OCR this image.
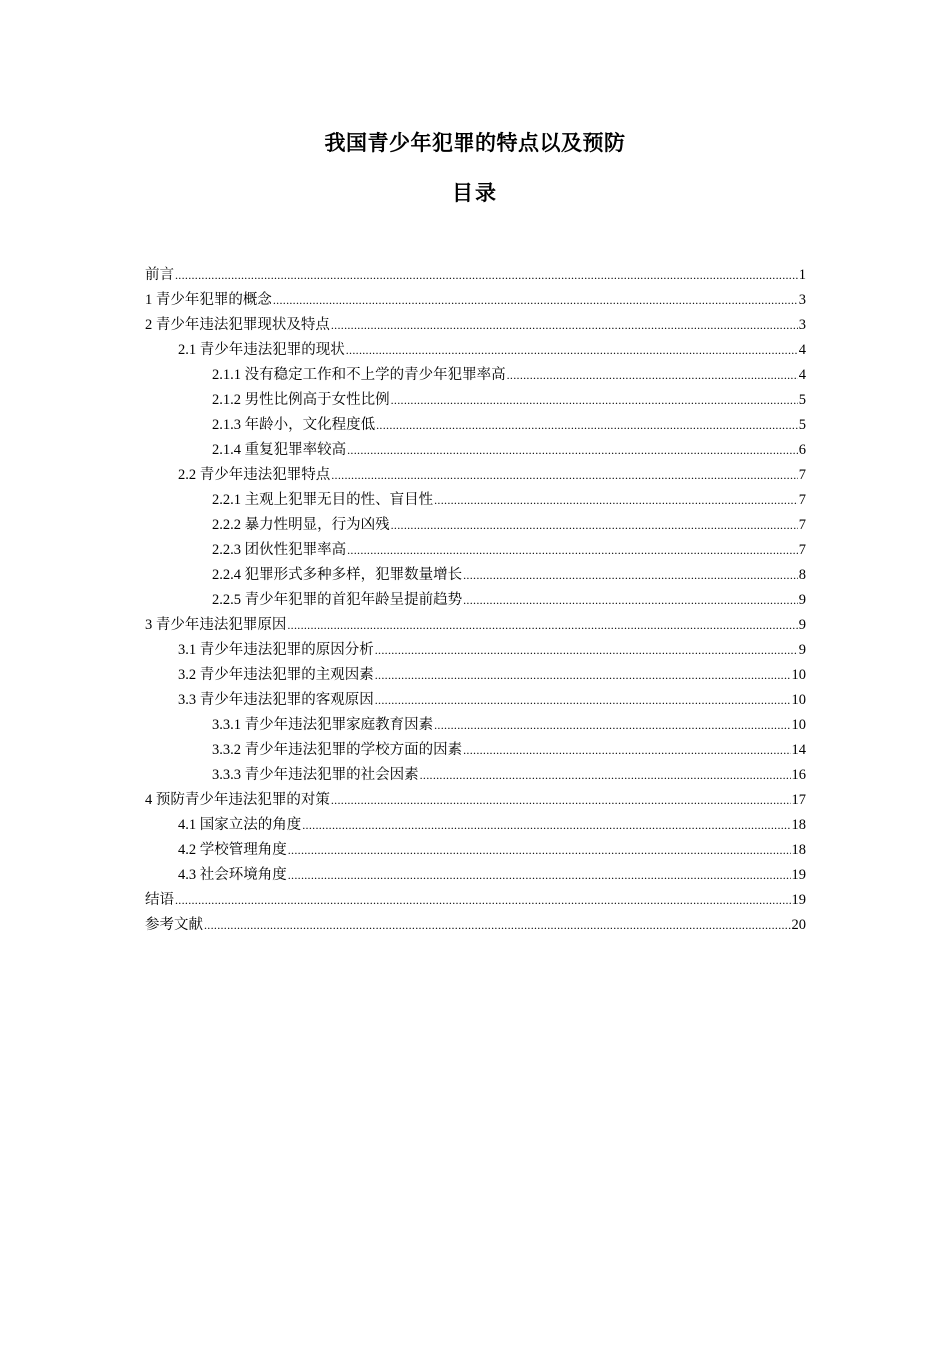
我国青少年犯罪的特点以及预防
目录
前言 .....	1
1 青少年犯罪的概念 .....	3
2 青少年违法犯罪现状及特点 .....	3
2.1 青少年违法犯罪的现状 .....	4
2.1.1 没有稳定工作和不上学的青少年犯罪率高 .....	4
2.1.2 男性比例高于女性比例 .....	5
2.1.3 年龄小，文化程度低 .....	5
2.1.4 重复犯罪率较高 .....	6
2.2 青少年违法犯罪特点 .....	7
2.2.1 主观上犯罪无目的性、盲目性 .....	7
2.2.2 暴力性明显，行为凶残 .....	7
2.2.3 团伙性犯罪率高 .....	7
2.2.4 犯罪形式多种多样，犯罪数量增长 .....	8
2.2.5 青少年犯罪的首犯年龄呈提前趋势 .....	9
3 青少年违法犯罪原因 .....	9
3.1 青少年违法犯罪的原因分析 .....	9
3.2 青少年违法犯罪的主观因素 .....	10
3.3 青少年违法犯罪的客观原因 .....	10
3.3.1 青少年违法犯罪家庭教育因素 .....	10
3.3.2 青少年违法犯罪的学校方面的因素 .....	14
3.3.3 青少年违法犯罪的社会因素 .....	16
4 预防青少年违法犯罪的对策 .....	17
4.1 国家立法的角度 .....	18
4.2 学校管理角度 .....	18
4.3 社会环境角度 .....	19
结语 .....	19
参考文献 .....	20
